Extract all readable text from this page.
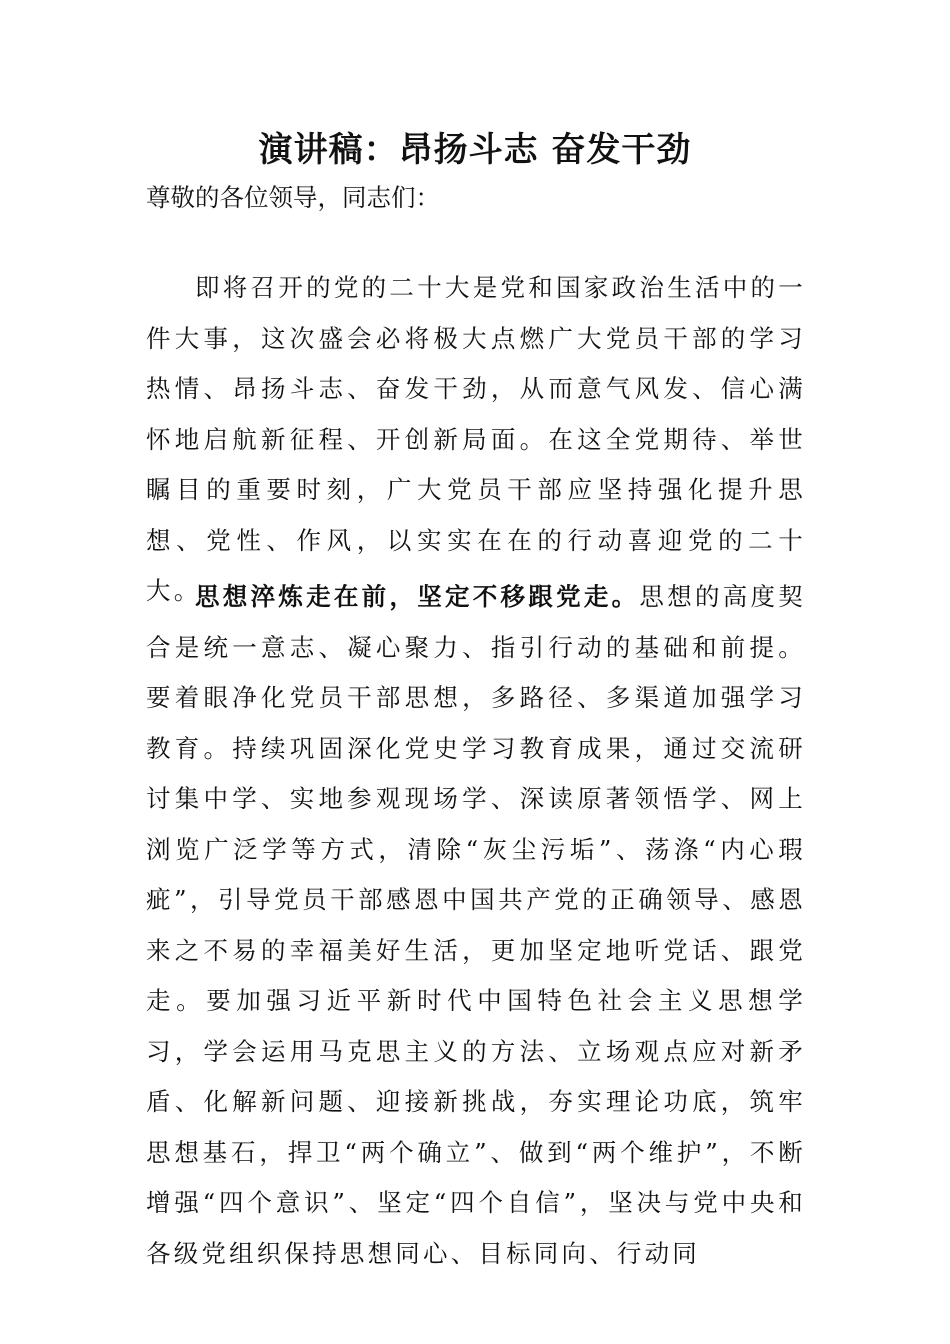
演讲稿：昂扬斗志 奋发干劲

尊敬的各位领导，同志们：

即将召开的党的二十大是党和国家政治生活中的一件大事，这次盛会必将极大点燃广大党员干部的学习热情、昂扬斗志、奋发干劲，从而意气风发、信心满怀地启航新征程、开创新局面。在这全党期待、举世瞩目的重要时刻，广大党员干部应坚持强化提升思想、党性、作风，以实实在在的行动喜迎党的二十大。

思想淬炼走在前，坚定不移跟党走。思想的高度契合是统一意志、凝心聚力、指引行动的基础和前提。要着眼净化党员干部思想，多路径、多渠道加强学习教育。持续巩固深化党史学习教育成果，通过交流研讨集中学、实地参观现场学、深读原著领悟学、网上浏览广泛学等方式，清除“灰尘污垢”、荡涤“内心瑕疵”，引导党员干部感恩中国共产党的正确领导、感恩来之不易的幸福美好生活，更加坚定地听党话、跟党走。要加强习近平新时代中国特色社会主义思想学习，学会运用马克思主义的方法、立场观点应对新矛盾、化解新问题、迎接新挑战，夯实理论功底，筑牢思想基石，捍卫“两个确立”、做到“两个维护”，不断增强“四个意识”、坚定“四个自信”，坚决与党中央和各级党组织保持思想同心、目标同向、行动同
